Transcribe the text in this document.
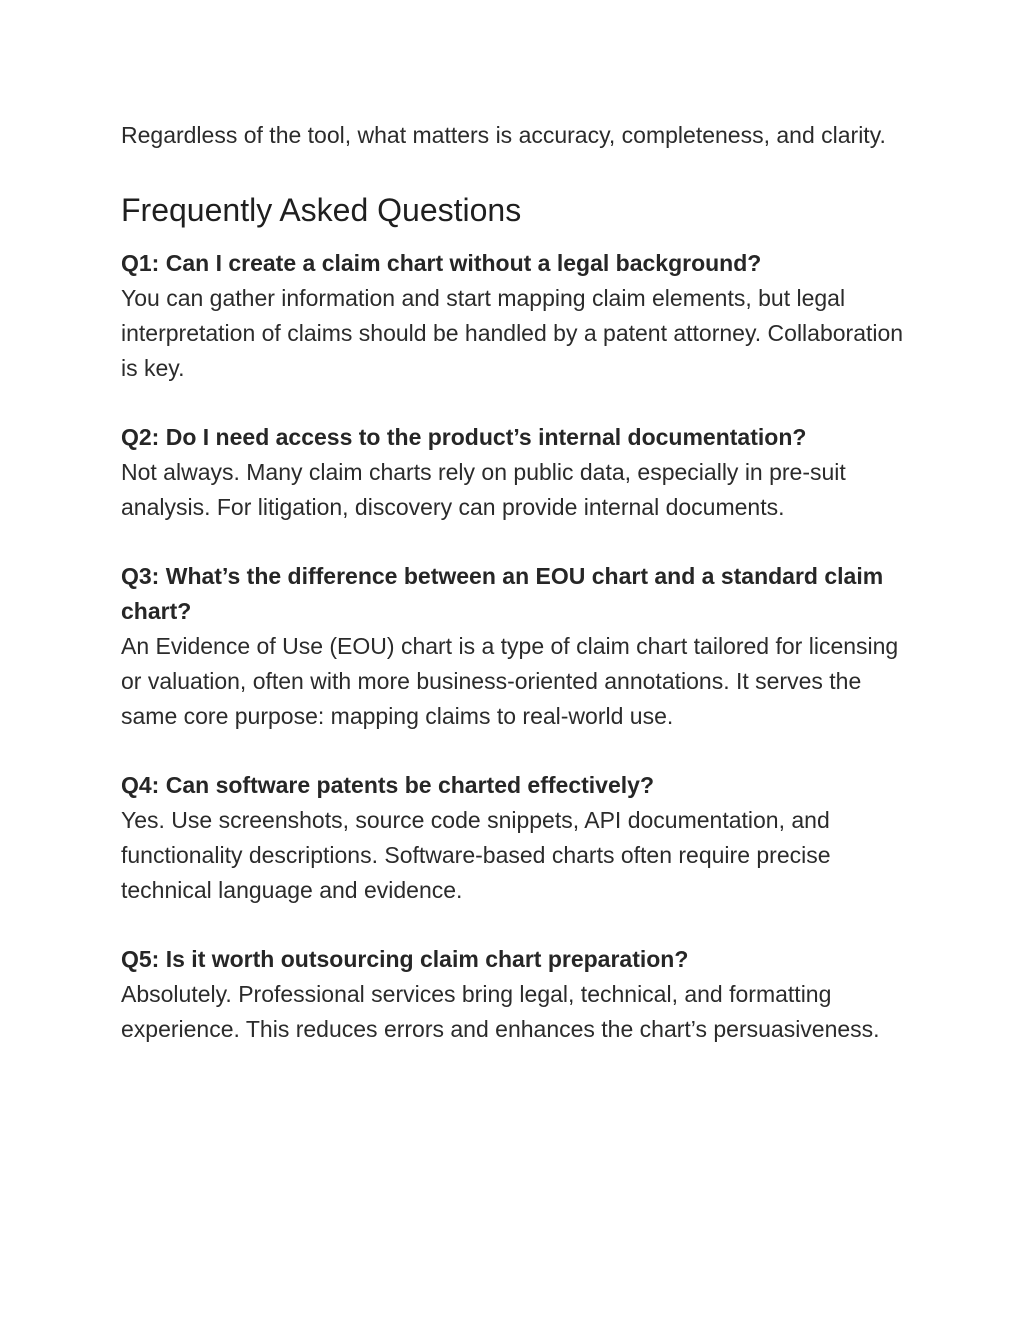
Regardless of the tool, what matters is accuracy, completeness, and clarity.

Frequently Asked Questions

Q1: Can I create a claim chart without a legal background?

You can gather information and start mapping claim elements, but legal interpretation of claims should be handled by a patent attorney. Collaboration is key.

Q2: Do I need access to the product’s internal documentation?

Not always. Many claim charts rely on public data, especially in pre-suit analysis. For litigation, discovery can provide internal documents.

Q3: What’s the difference between an EOU chart and a standard claim chart?

An Evidence of Use (EOU) chart is a type of claim chart tailored for licensing or valuation, often with more business-oriented annotations. It serves the same core purpose: mapping claims to real-world use.

Q4: Can software patents be charted effectively?

Yes. Use screenshots, source code snippets, API documentation, and functionality descriptions. Software-based charts often require precise technical language and evidence.

Q5: Is it worth outsourcing claim chart preparation?

Absolutely. Professional services bring legal, technical, and formatting experience. This reduces errors and enhances the chart’s persuasiveness.
